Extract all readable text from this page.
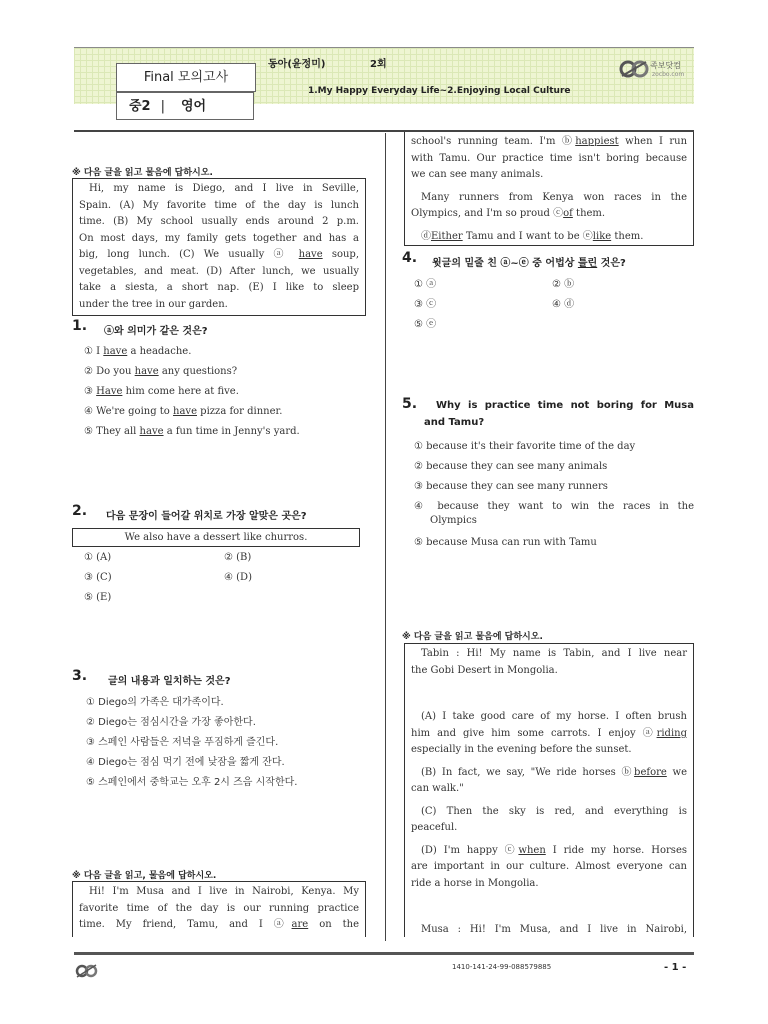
Final 모의고사
중2 | 영어
동아(윤정미)	2회
1.My Happy Everyday Life~2.Enjoying Local Culture
족보닷컴
zocbo.com
※ 다음 글을 읽고 물음에 답하시오.
Hi, my name is Diego, and I live in Seville,
Spain. (A) My favorite time of the day is lunch
time. (B) My school usually ends around 2 p.m.
On most days, my family gets together and has a
big, long lunch. (C) We usually ⓐ have soup,
vegetables, and meat. (D) After lunch, we usually
take a siesta, a short nap. (E) I like to sleep
under the tree in our garden.
1. ⓐ와 의미가 같은 것은?
① I have a headache.
② Do you have any questions?
③ Have him come here at five.
④ We're going to have pizza for dinner.
⑤ They all have a fun time in Jenny's yard.
2. 다음 문장이 들어갈 위치로 가장 알맞은 곳은?
We also have a dessert like churros.
① (A)	② (B)
③ (C)	④ (D)
⑤ (E)
3. 글의 내용과 일치하는 것은?
① Diego의 가족은 대가족이다.
② Diego는 점심시간을 가장 좋아한다.
③ 스페인 사람들은 저녁을 푸짐하게 즐긴다.
④ Diego는 점심 먹기 전에 낮잠을 짧게 잔다.
⑤ 스페인에서 중학교는 오후 2시 즈음 시작한다.
※ 다음 글을 읽고, 물음에 답하시오.
Hi! I'm Musa and I live in Nairobi, Kenya. My
favorite time of the day is our running practice
time. My friend, Tamu, and I ⓐare on the
school's running team. I'm ⓑhappiest when I run
with Tamu. Our practice time isn't boring because
we can see many animals.
Many runners from Kenya won races in the
Olympics, and I'm so proud ⓒof them.
ⓓEither Tamu and I want to be ⓔlike them.
4. 윗글의 밑줄 친 ⓐ~ⓔ 중 어법상 틀린 것은?
① ⓐ	② ⓑ
③ ⓒ	④ ⓓ
⑤ ⓔ
5. Why is practice time not boring for Musa
and Tamu?
① because it's their favorite time of the day
② because they can see many animals
③ because they can see many runners
④ because they want to win the races in the
Olympics
⑤ because Musa can run with Tamu
※ 다음 글을 읽고 물음에 답하시오.
Tabin : Hi! My name is Tabin, and I live near
the Gobi Desert in Mongolia.
(A) I take good care of my horse. I often brush
him and give him some carrots. I enjoy ⓐriding
especially in the evening before the sunset.
(B) In fact, we say, "We ride horses ⓑbefore we
can walk."
(C) Then the sky is red, and everything is
peaceful.
(D) I'm happy ⓒwhen I ride my horse. Horses
are important in our culture. Almost everyone can
ride a horse in Mongolia.
Musa : Hi! I'm Musa, and I live in Nairobi,
1410-141-24-99-088579885	- 1 -
